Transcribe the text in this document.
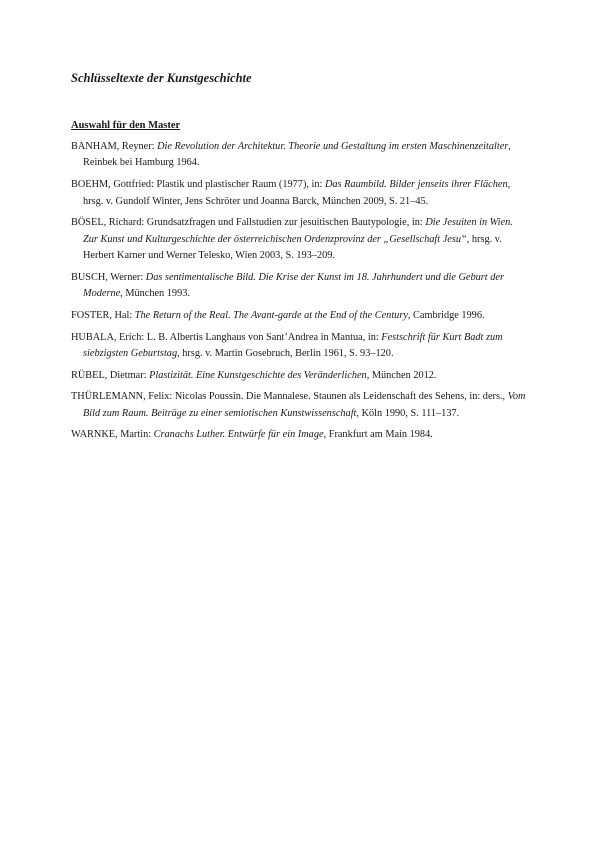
Schlüsseltexte der Kunstgeschichte
Auswahl für den Master
BANHAM, Reyner: Die Revolution der Architektur. Theorie und Gestaltung im ersten Maschinenzeitalter, Reinbek bei Hamburg 1964.
BOEHM, Gottfried: Plastik und plastischer Raum (1977), in: Das Raumbild. Bilder jenseits ihrer Flächen, hrsg. v. Gundolf Winter, Jens Schröter und Joanna Barck, München 2009, S. 21–45.
BÖSEL, Richard: Grundsatzfragen und Fallstudien zur jesuitischen Bautypologie, in: Die Jesuiten in Wien. Zur Kunst und Kulturgeschichte der österreichischen Ordenzprovinz der „Gesellschaft Jesu“, hrsg. v. Herbert Karner und Werner Telesko, Wien 2003, S. 193–209.
BUSCH, Werner: Das sentimentalische Bild. Die Krise der Kunst im 18. Jahrhundert und die Geburt der Moderne, München 1993.
FOSTER, Hal: The Return of the Real. The Avant-garde at the End of the Century, Cambridge 1996.
HUBALA, Erich: L. B. Albertis Langhaus von Sant’Andrea in Mantua, in: Festschrift für Kurt Badt zum siebzigsten Geburtstag, hrsg. v. Martin Gosebruch, Berlin 1961, S. 93–120.
RÜBEL, Dietmar: Plastizität. Eine Kunstgeschichte des Veränderlichen, München 2012.
THÜRLEMANN, Felix: Nicolas Poussin. Die Mannalese. Staunen als Leidenschaft des Sehens, in: ders., Vom Bild zum Raum. Beiträge zu einer semiotischen Kunstwissenschaft, Köln 1990, S. 111–137.
WARNKE, Martin: Cranachs Luther. Entwürfe für ein Image, Frankfurt am Main 1984.
